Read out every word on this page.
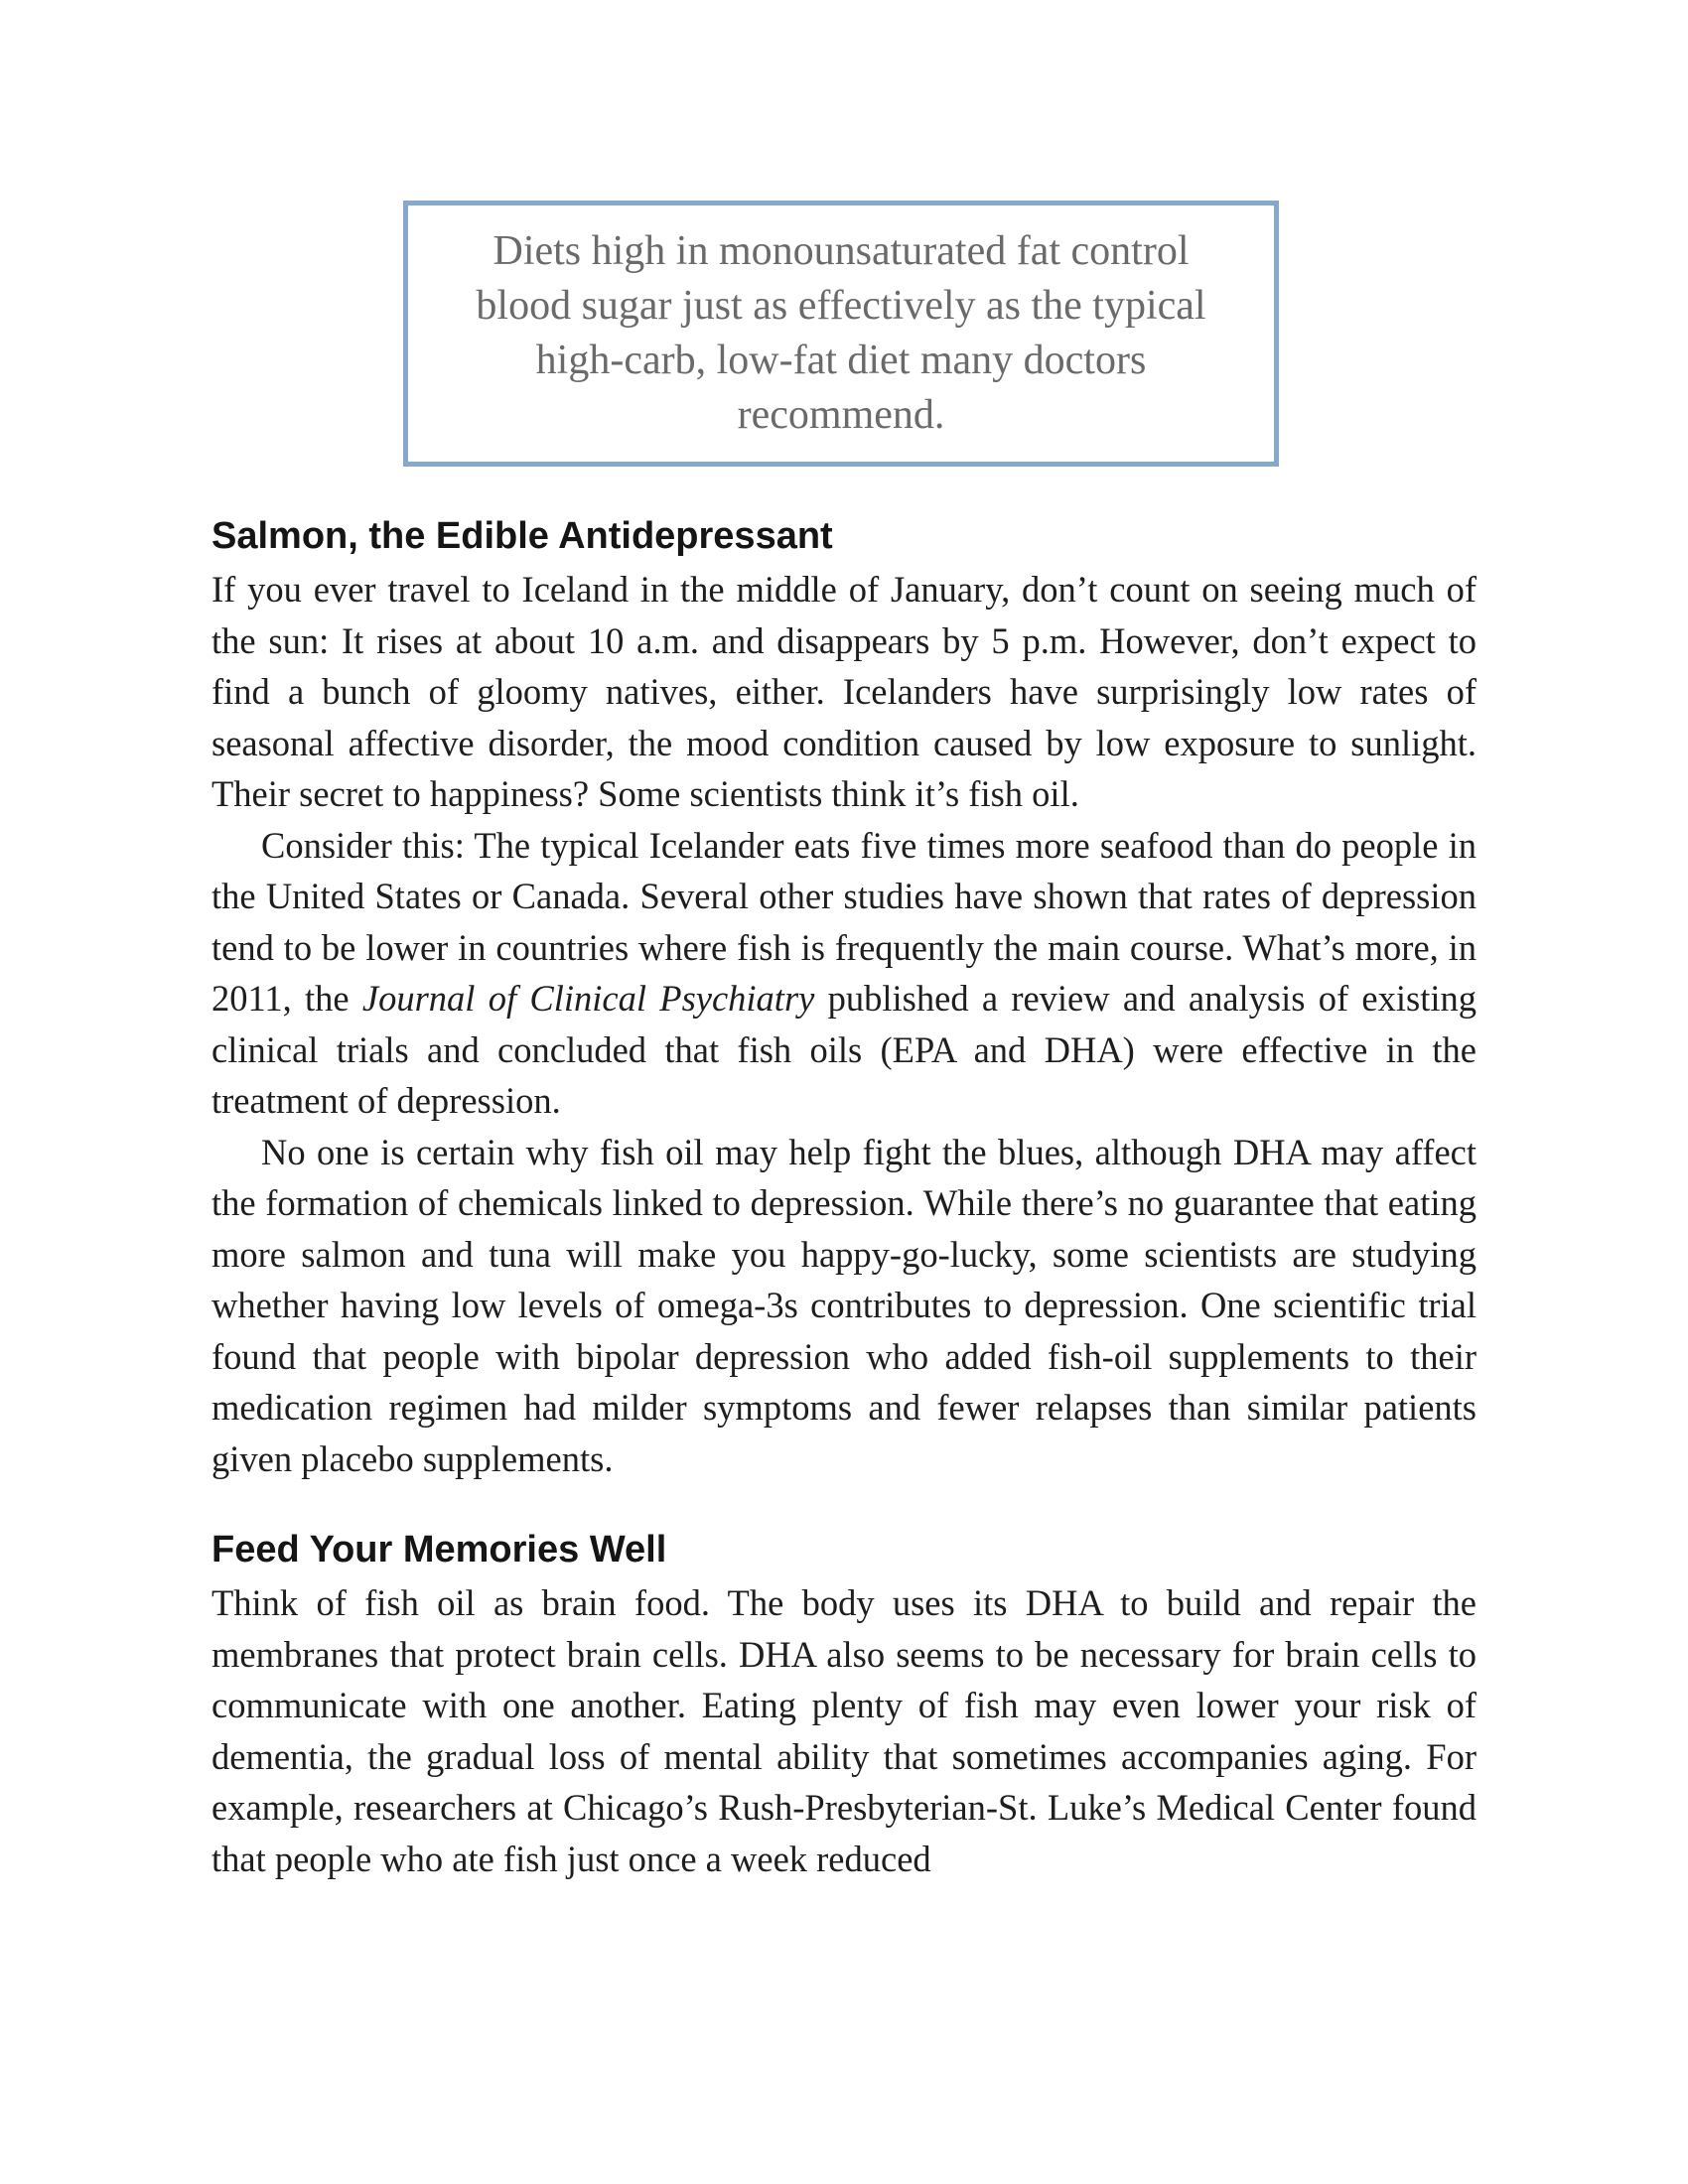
Diets high in monounsaturated fat control blood sugar just as effectively as the typical high-carb, low-fat diet many doctors recommend.

Salmon, the Edible Antidepressant

If you ever travel to Iceland in the middle of January, don’t count on seeing much of the sun: It rises at about 10 a.m. and disappears by 5 p.m. However, don’t expect to find a bunch of gloomy natives, either. Icelanders have surprisingly low rates of seasonal affective disorder, the mood condition caused by low exposure to sunlight. Their secret to happiness? Some scientists think it’s fish oil.

Consider this: The typical Icelander eats five times more seafood than do people in the United States or Canada. Several other studies have shown that rates of depression tend to be lower in countries where fish is frequently the main course. What’s more, in 2011, the Journal of Clinical Psychiatry published a review and analysis of existing clinical trials and concluded that fish oils (EPA and DHA) were effective in the treatment of depression.

No one is certain why fish oil may help fight the blues, although DHA may affect the formation of chemicals linked to depression. While there’s no guarantee that eating more salmon and tuna will make you happy-go-lucky, some scientists are studying whether having low levels of omega-3s contributes to depression. One scientific trial found that people with bipolar depression who added fish-oil supplements to their medication regimen had milder symptoms and fewer relapses than similar patients given placebo supplements.

Feed Your Memories Well

Think of fish oil as brain food. The body uses its DHA to build and repair the membranes that protect brain cells. DHA also seems to be necessary for brain cells to communicate with one another. Eating plenty of fish may even lower your risk of dementia, the gradual loss of mental ability that sometimes accompanies aging. For example, researchers at Chicago’s Rush-Presbyterian-St. Luke’s Medical Center found that people who ate fish just once a week reduced
